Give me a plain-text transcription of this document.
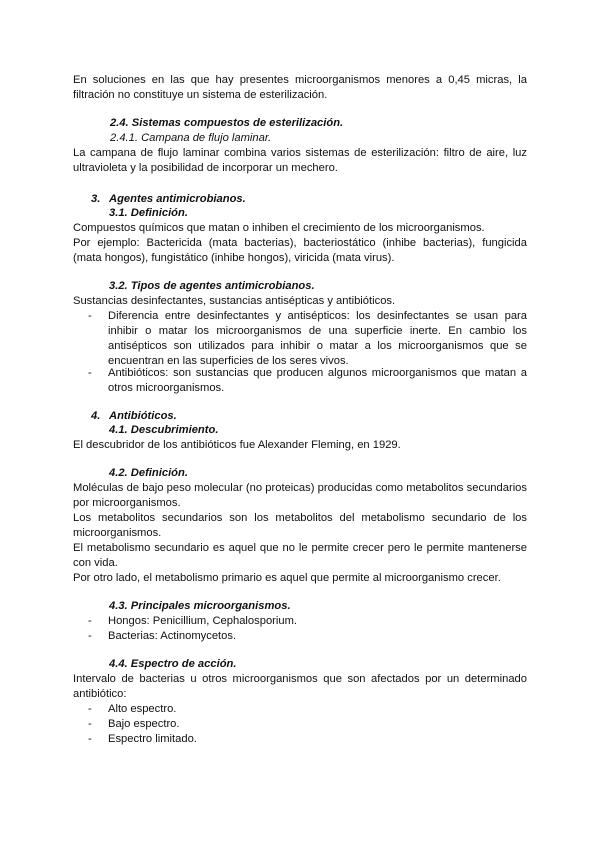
En soluciones en las que hay presentes microorganismos menores a 0,45 micras, la filtración no constituye un sistema de esterilización.

2.4. Sistemas compuestos de esterilización.

2.4.1. Campana de flujo laminar.

La campana de flujo laminar combina varios sistemas de esterilización: filtro de aire, luz ultravioleta y la posibilidad de incorporar un mechero.

3. Agentes antimicrobianos.

3.1. Definición.

Compuestos químicos que matan o inhiben el crecimiento de los microorganismos.

Por ejemplo: Bactericida (mata bacterias), bacteriostático (inhibe bacterias), fungicida (mata hongos), fungistático (inhibe hongos), viricida (mata virus).

3.2. Tipos de agentes antimicrobianos.

Sustancias desinfectantes, sustancias antisépticas y antibióticos.

- Diferencia entre desinfectantes y antisépticos: los desinfectantes se usan para inhibir o matar los microorganismos de una superficie inerte. En cambio los antisépticos son utilizados para inhibir o matar a los microorganismos que se encuentran en las superficies de los seres vivos.
- Antibióticos: son sustancias que producen algunos microorganismos que matan a otros microorganismos.

4. Antibióticos.

4.1. Descubrimiento.

El descubridor de los antibióticos fue Alexander Fleming, en 1929.

4.2. Definición.

Moléculas de bajo peso molecular (no proteicas) producidas como metabolitos secundarios por microorganismos.

Los metabolitos secundarios son los metabolitos del metabolismo secundario de los microorganismos.

El metabolismo secundario es aquel que no le permite crecer pero le permite mantenerse con vida.

Por otro lado, el metabolismo primario es aquel que permite al microorganismo crecer.

4.3. Principales microorganismos.

- Hongos: Penicillium, Cephalosporium.
- Bacterias: Actinomycetos.

4.4. Espectro de acción.

Intervalo de bacterias u otros microorganismos que son afectados por un determinado antibiótico:

- Alto espectro.
- Bajo espectro.
- Espectro limitado.
